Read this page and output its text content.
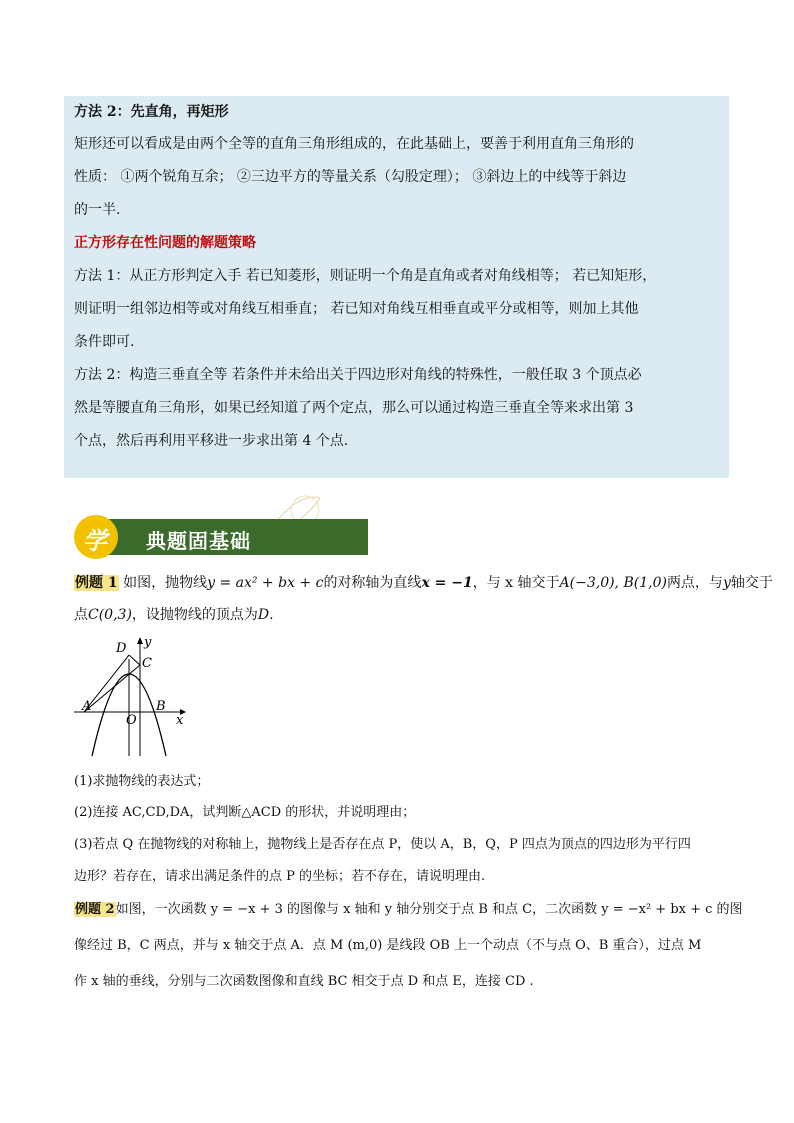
方法 2：先直角，再矩形
矩形还可以看成是由两个全等的直角三角形组成的，在此基础上，要善于利用直角三角形的
性质： ①两个锐角互余； ②三边平方的等量关系（勾股定理）； ③斜边上的中线等于斜边
的一半.
正方形存在性问题的解题策略
方法 1：从正方形判定入手 若已知菱形，则证明一个角是直角或者对角线相等； 若已知矩形，
则证明一组邻边相等或对角线互相垂直； 若已知对角线互相垂直或平分或相等，则加上其他
条件即可.
方法 2：构造三垂直全等 若条件并未给出关于四边形对角线的特殊性，一般任取 3 个顶点必
然是等腰直角三角形，如果已经知道了两个定点，那么可以通过构造三垂直全等来求出第 3
个点，然后再利用平移进一步求出第 4 个点.
典题固基础
学
例题 1 如图，抛物线y = ax² + bx + c的对称轴为直线x = −1，与 x 轴交于A(−3,0), B(1,0)两点，与y轴交于
点C(0,3)，设抛物线的顶点为D.
D y
C
A
O
B
x
(1)求抛物线的表达式；
(2)连接 AC,CD,DA，试判断△ACD 的形状，并说明理由；
(3)若点 Q 在抛物线的对称轴上，抛物线上是否存在点 P，使以 A，B，Q，P 四点为顶点的四边形为平行四
边形？若存在，请求出满足条件的点 P 的坐标；若不存在，请说明理由.
例题 2如图，一次函数 y = −x + 3 的图像与 x 轴和 y 轴分别交于点 B 和点 C，二次函数 y = −x² + bx + c 的图
像经过 B，C 两点，并与 x 轴交于点 A．点 M (m,0) 是线段 OB 上一个动点（不与点 O、B 重合），过点 M
作 x 轴的垂线，分别与二次函数图像和直线 BC 相交于点 D 和点 E，连接 CD .
